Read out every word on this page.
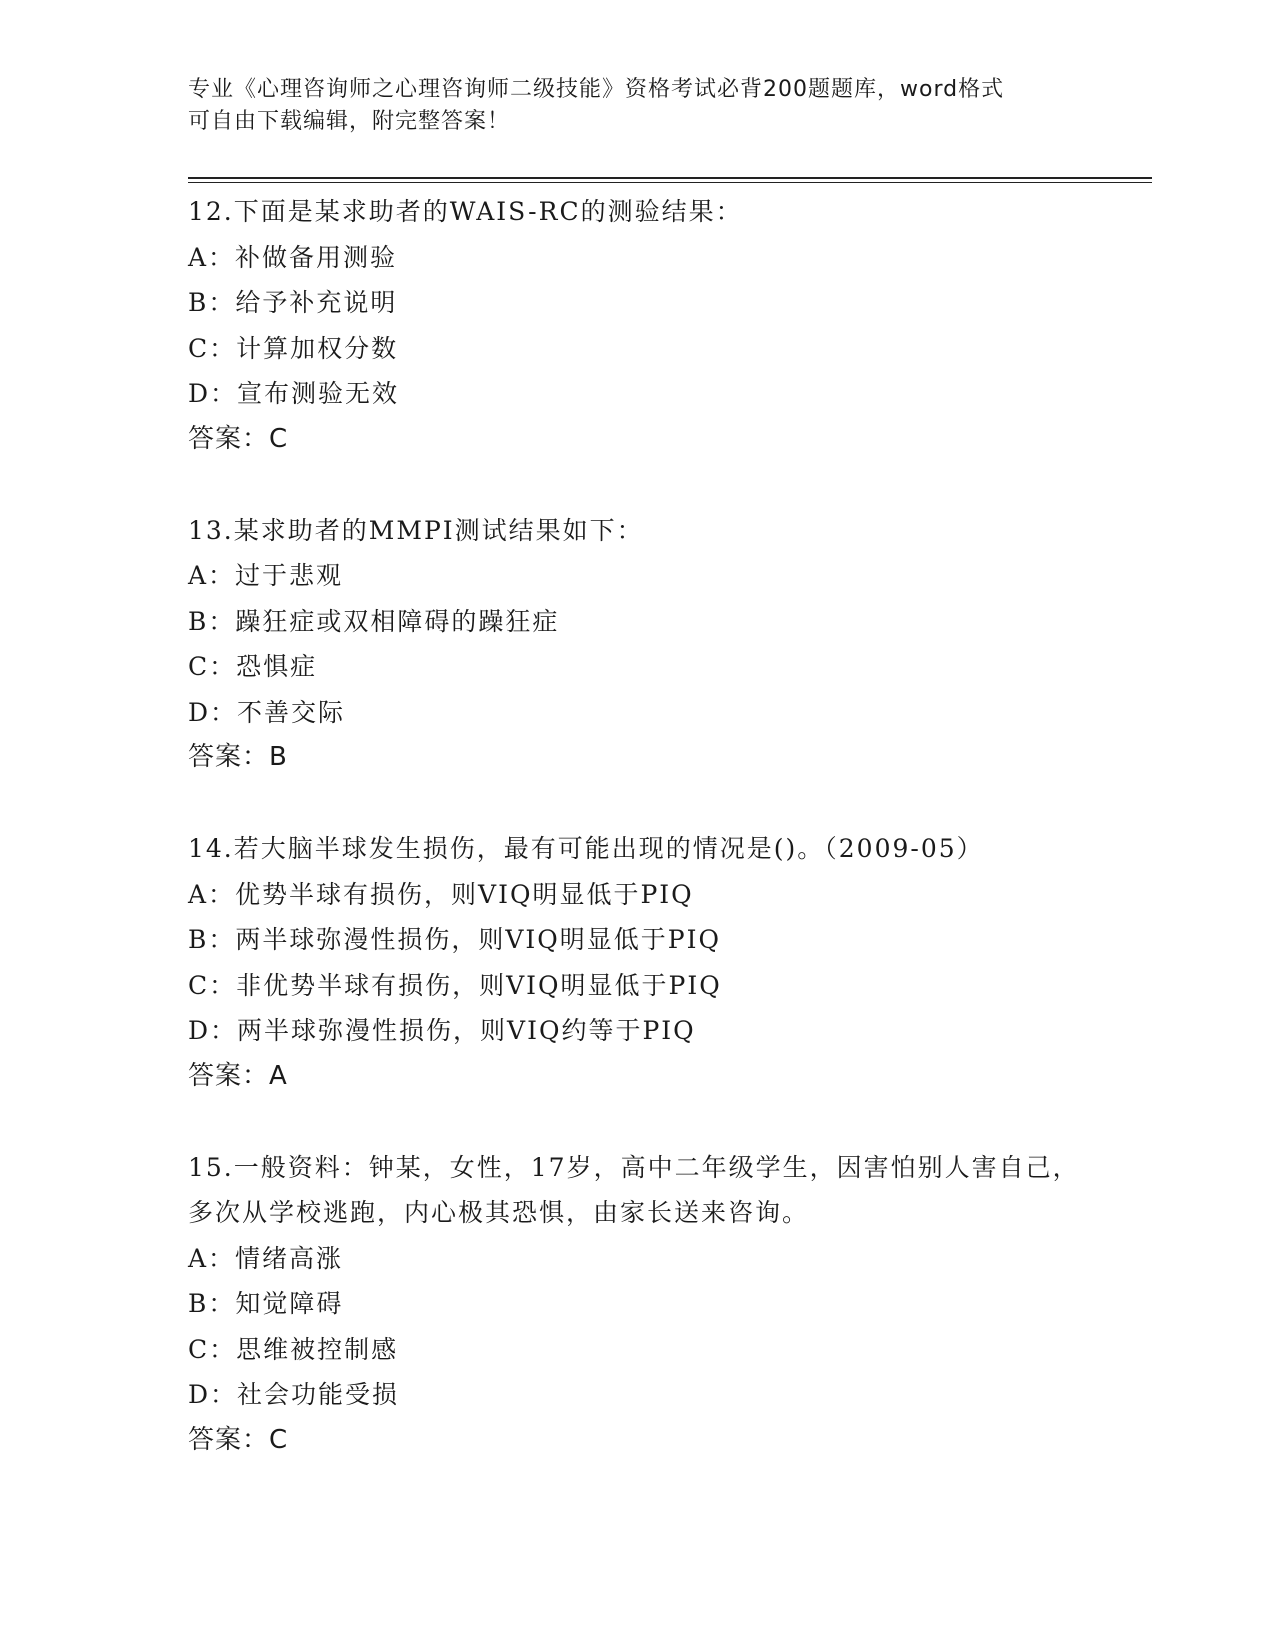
专业《心理咨询师之心理咨询师二级技能》资格考试必背200题题库，word格式
可自由下载编辑，附完整答案！
12.下面是某求助者的WAIS-RC的测验结果：
A：补做备用测验
B：给予补充说明
C：计算加权分数
D：宣布测验无效
答案：C
13.某求助者的MMPI测试结果如下：
A：过于悲观
B：躁狂症或双相障碍的躁狂症
C：恐惧症
D：不善交际
答案：B
14.若大脑半球发生损伤，最有可能出现的情况是()。（2009-05）
A：优势半球有损伤，则VIQ明显低于PIQ
B：两半球弥漫性损伤，则VIQ明显低于PIQ
C：非优势半球有损伤，则VIQ明显低于PIQ
D：两半球弥漫性损伤，则VIQ约等于PIQ
答案：A
15.一般资料：钟某，女性，17岁，高中二年级学生，因害怕别人害自己，多次从学校逃跑，内心极其恐惧，由家长送来咨询。
A：情绪高涨
B：知觉障碍
C：思维被控制感
D：社会功能受损
答案：C
